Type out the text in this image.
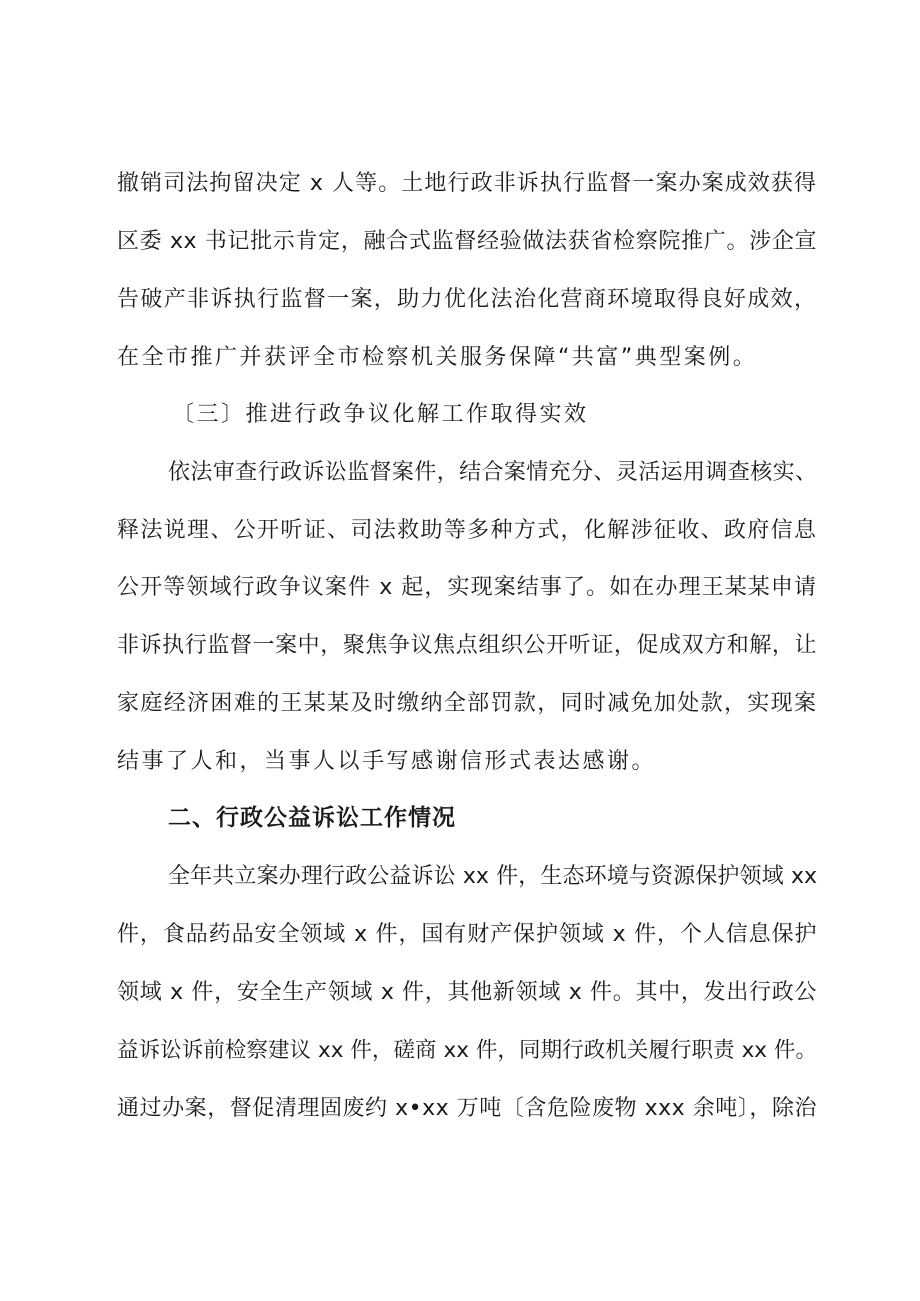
撤销司法拘留决定 x 人等。土地行政非诉执行监督一案办案成效获得
区委 xx 书记批示肯定，融合式监督经验做法获省检察院推广。涉企宣
告破产非诉执行监督一案，助力优化法治化营商环境取得良好成效，
在全市推广并获评全市检察机关服务保障“共富”典型案例。
〔三〕推进行政争议化解工作取得实效
依法审查行政诉讼监督案件，结合案情充分、灵活运用调查核实、
释法说理、公开听证、司法救助等多种方式，化解涉征收、政府信息
公开等领域行政争议案件 x 起，实现案结事了。如在办理王某某申请
非诉执行监督一案中，聚焦争议焦点组织公开听证，促成双方和解，让
家庭经济困难的王某某及时缴纳全部罚款，同时减免加处款，实现案
结事了人和，当事人以手写感谢信形式表达感谢。
二、行政公益诉讼工作情况
全年共立案办理行政公益诉讼 xx 件，生态环境与资源保护领域 xx
件，食品药品安全领域 x 件，国有财产保护领域 x 件，个人信息保护
领域 x 件，安全生产领域 x 件，其他新领域 x 件。其中，发出行政公
益诉讼诉前检察建议 xx 件，磋商 xx 件，同期行政机关履行职责 xx 件。
通过办案，督促清理固废约 x•xx 万吨〔含危险废物 xxx 余吨〕，除治
